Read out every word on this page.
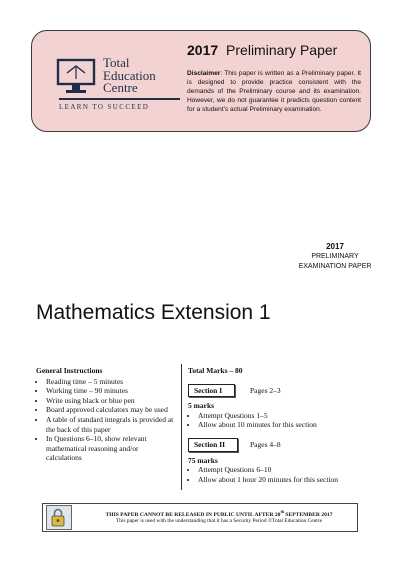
Total
Education
Centre
LEARN TO SUCCEED
2017 Preliminary Paper
Disclaimer: This paper is written as a Preliminary paper. It is designed to provide practice consistent with the demands of the Preliminary course and its examination. However, we do not guarantee it predicts question content for a student's actual Preliminary examination.
2017
PRELIMINARY
EXAMINATION PAPER
Mathematics Extension 1
General Instructions
• Reading time – 5 minutes
• Working time – 90 minutes
• Write using black or blue pen
• Board approved calculators may be used
• A table of standard integrals is provided at the back of this paper
• In Questions 6–10, show relevant mathematical reasoning and/or calculations
Total Marks – 80
Section I	Pages 2–3
5 marks
• Attempt Questions 1–5
• Allow about 10 minutes for this section
Section II	Pages 4–8
75 marks
• Attempt Questions 6–10
• Allow about 1 hour 20 minutes for this section
THIS PAPER CANNOT BE RELEASED IN PUBLIC UNTIL AFTER 20th SEPTEMBER 2017
This paper is used with the understanding that it has a Security Period ©Total Education Centre
